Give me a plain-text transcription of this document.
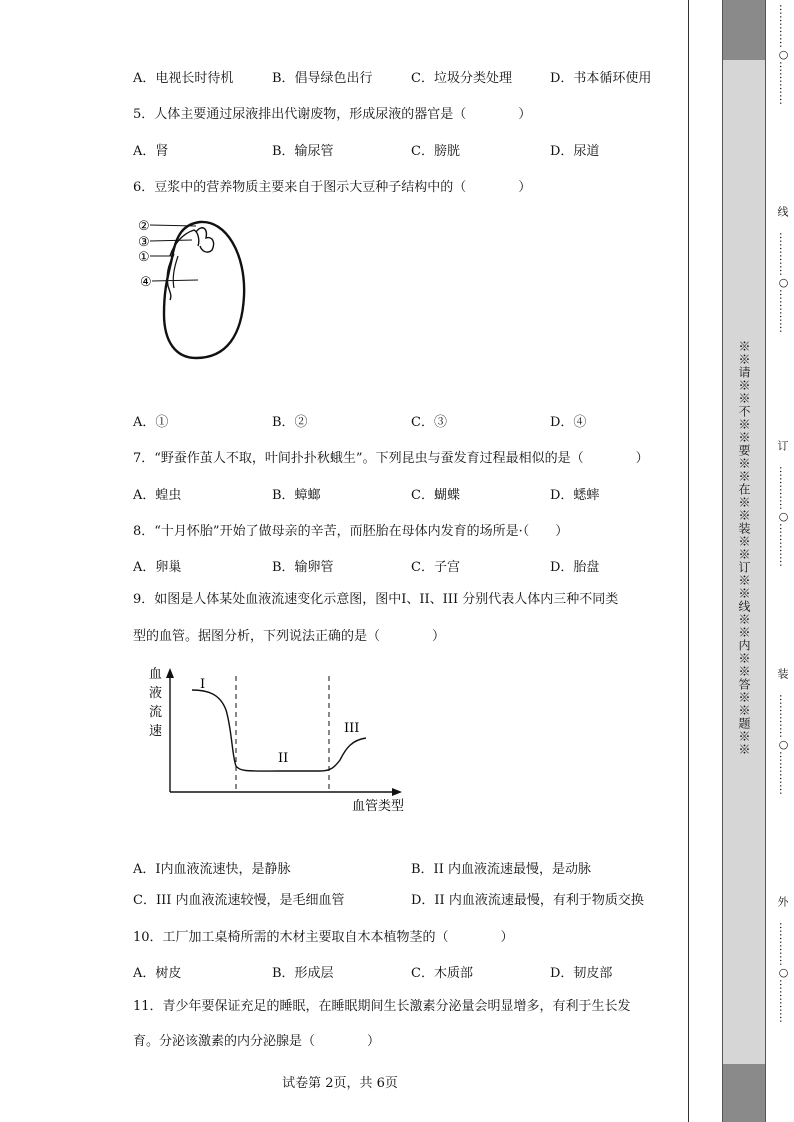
A．电视长时待机	B．倡导绿色出行	C．垃圾分类处理	D．书本循环使用
5．人体主要通过尿液排出代谢废物，形成尿液的器官是（　　　　）
A．肾	B．输尿管	C．膀胱	D．尿道
6．豆浆中的营养物质主要来自于图示大豆种子结构中的（　　　　）
②
③
①
④
A．①	B．②	C．③	D．④
7．“野蚕作茧人不取，叶间扑扑秋蛾生”。下列昆虫与蚕发育过程最相似的是（　　　　）
A．蝗虫	B．蟑螂	C．蝴蝶	D．蟋蟀
8．“十月怀胎”开始了做母亲的辛苦，而胚胎在母体内发育的场所是·（　　）
A．卵巢	B．输卵管	C．子宫	D．胎盘
9．如图是人体某处血液流速变化示意图，图中Ⅰ、II、III 分别代表人体内三种不同类
型的血管。据图分析，下列说法正确的是（　　　　）
I
II
III
血
液
流
速
血管类型
A．Ⅰ内血液流速快，是静脉	B．II 内血液流速最慢，是动脉
C．III 内血液流速较慢，是毛细血管	D．II 内血液流速最慢，有利于物质交换
10．工厂加工桌椅所需的木材主要取自木本植物茎的（　　　　）
A．树皮	B．形成层	C．木质部	D．韧皮部
11．青少年要保证充足的睡眠，在睡眠期间生长激素分泌量会明显增多，有利于生长发
育。分泌该激素的内分泌腺是（　　　　）
试卷第 2页，共 6页
※※请※※不※※要※※在※※装※※订※※线※※内※※答※※题※※
…………○…………
线
…………○…………
订
…………○…………
装
…………○…………
外
…………○…………
